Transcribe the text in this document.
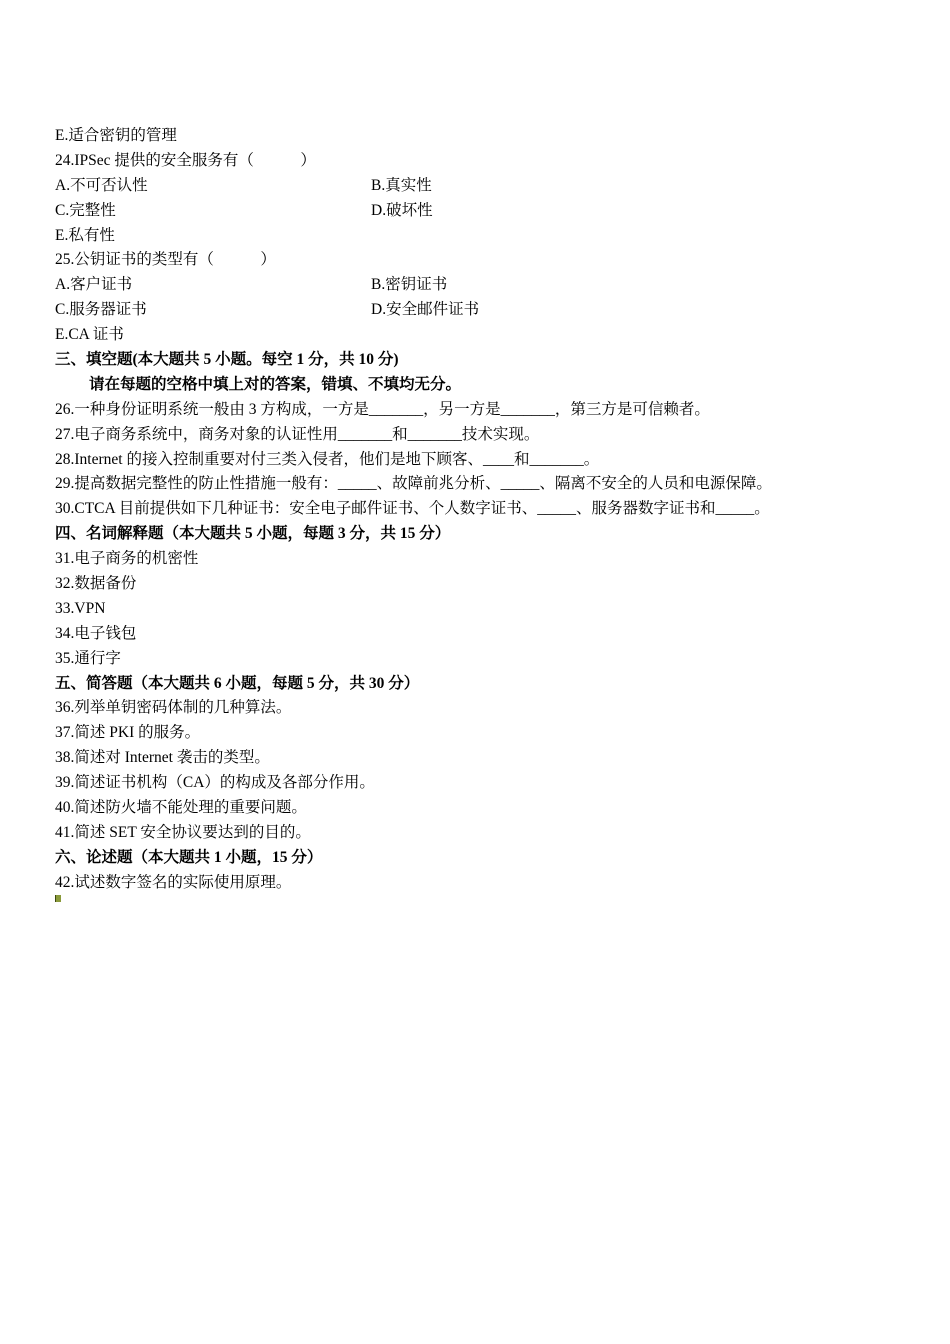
E.适合密钥的管理
24.IPSec 提供的安全服务有（　　　）
A.不可否认性	B.真实性
C.完整性	D.破坏性
E.私有性
25.公钥证书的类型有（　　　）
A.客户证书	B.密钥证书
C.服务器证书	D.安全邮件证书
E.CA 证书
三、填空题(本大题共 5 小题。每空 1 分，共 10 分)
请在每题的空格中填上对的答案，错填、不填均无分。
26.一种身份证明系统一般由 3 方构成，一方是_______，另一方是_______，第三方是可信赖者。
27.电子商务系统中，商务对象的认证性用_______和_______技术实现。
28.Internet 的接入控制重要对付三类入侵者，他们是地下顾客、____和_______。
29.提高数据完整性的防止性措施一般有：_____、故障前兆分析、_____、隔离不安全的人员和电源保障。
30.CTCA 目前提供如下几种证书：安全电子邮件证书、个人数字证书、_____、服务器数字证书和_____。
四、名词解释题（本大题共 5 小题，每题 3 分，共 15 分）
31.电子商务的机密性
32.数据备份
33.VPN
34.电子钱包
35.通行字
五、简答题（本大题共 6 小题，每题 5 分，共 30 分）
36.列举单钥密码体制的几种算法。
37.简述 PKI 的服务。
38.简述对 Internet 袭击的类型。
39.简述证书机构（CA）的构成及各部分作用。
40.简述防火墙不能处理的重要问题。
41.简述 SET 安全协议要达到的目的。
六、论述题（本大题共 1 小题，15 分）
42.试述数字签名的实际使用原理。
